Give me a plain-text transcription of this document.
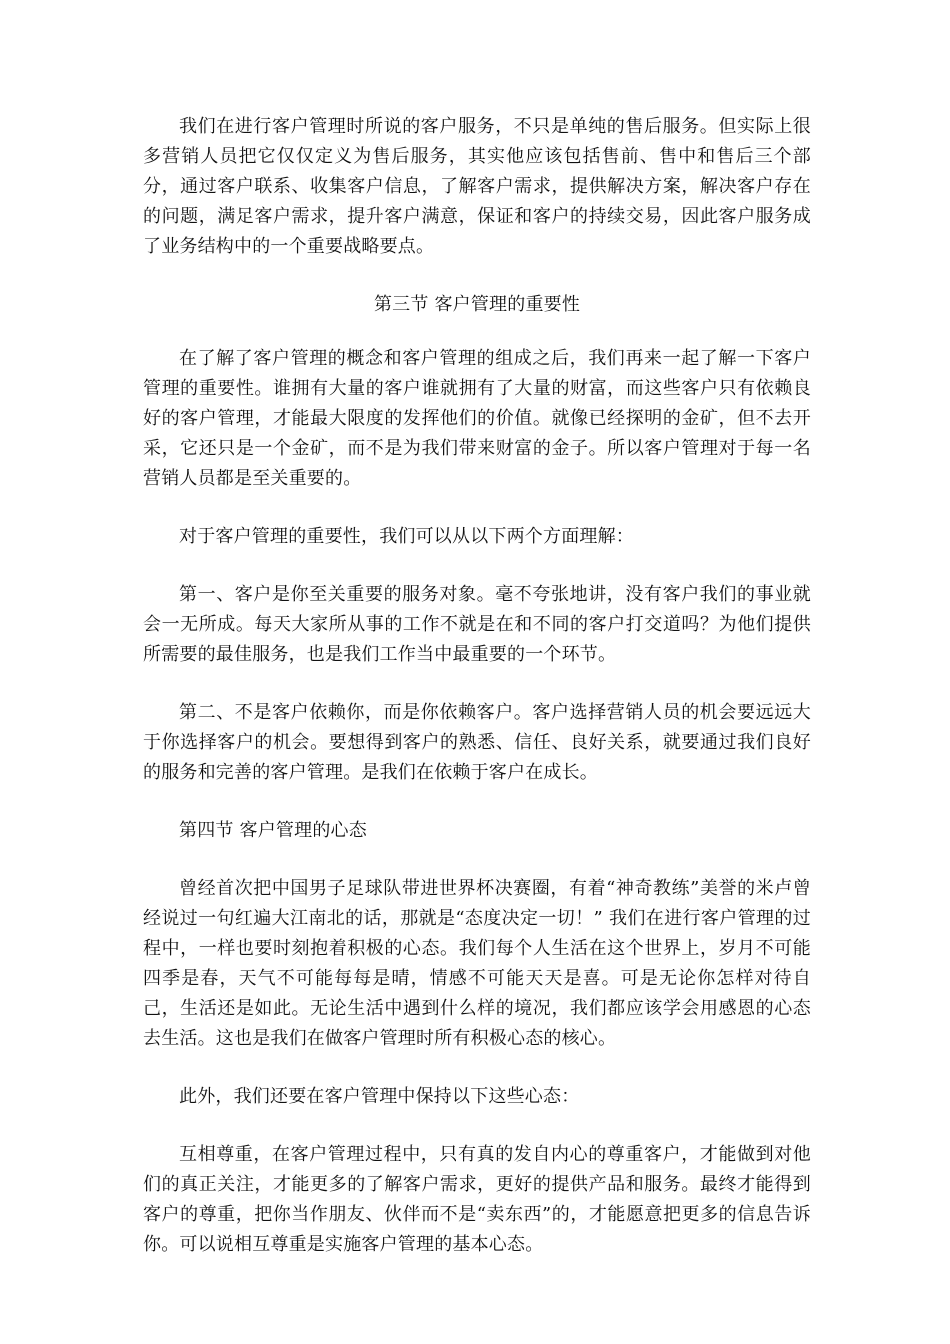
我们在进行客户管理时所说的客户服务，不只是单纯的售后服务。但实际上很多营销人员把它仅仅定义为售后服务，其实他应该包括售前、售中和售后三个部分，通过客户联系、收集客户信息，了解客户需求，提供解决方案，解决客户存在的问题，满足客户需求，提升客户满意，保证和客户的持续交易，因此客户服务成了业务结构中的一个重要战略要点。

第三节 客户管理的重要性

在了解了客户管理的概念和客户管理的组成之后，我们再来一起了解一下客户管理的重要性。谁拥有大量的客户谁就拥有了大量的财富，而这些客户只有依赖良好的客户管理，才能最大限度的发挥他们的价值。就像已经探明的金矿，但不去开采，它还只是一个金矿，而不是为我们带来财富的金子。所以客户管理对于每一名营销人员都是至关重要的。

对于客户管理的重要性，我们可以从以下两个方面理解：

第一、客户是你至关重要的服务对象。毫不夸张地讲，没有客户我们的事业就会一无所成。每天大家所从事的工作不就是在和不同的客户打交道吗？为他们提供所需要的最佳服务，也是我们工作当中最重要的一个环节。

第二、不是客户依赖你，而是你依赖客户。客户选择营销人员的机会要远远大于你选择客户的机会。要想得到客户的熟悉、信任、良好关系，就要通过我们良好的服务和完善的客户管理。是我们在依赖于客户在成长。

第四节 客户管理的心态

曾经首次把中国男子足球队带进世界杯决赛圈，有着“神奇教练”美誉的米卢曾经说过一句红遍大江南北的话，那就是“态度决定一切！” 我们在进行客户管理的过程中，一样也要时刻抱着积极的心态。我们每个人生活在这个世界上，岁月不可能四季是春，天气不可能每每是晴，情感不可能天天是喜。可是无论你怎样对待自己，生活还是如此。无论生活中遇到什么样的境况，我们都应该学会用感恩的心态去生活。这也是我们在做客户管理时所有积极心态的核心。

此外，我们还要在客户管理中保持以下这些心态：

互相尊重，在客户管理过程中，只有真的发自内心的尊重客户，才能做到对他们的真正关注，才能更多的了解客户需求，更好的提供产品和服务。最终才能得到客户的尊重，把你当作朋友、伙伴而不是“卖东西”的，才能愿意把更多的信息告诉你。可以说相互尊重是实施客户管理的基本心态。
